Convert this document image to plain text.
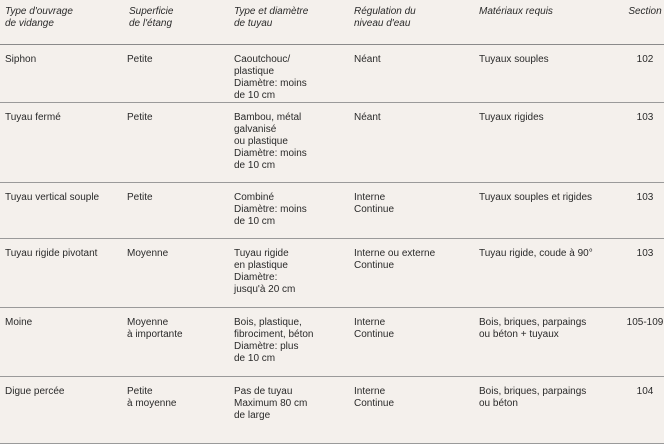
Type d'ouvrage
de vidange	Superficie
de l'étang	Type et diamètre
de tuyau	Régulation du
niveau d'eau	Matériaux requis	Section

Siphon	Petite	Caoutchouc/
plastique
Diamètre: moins
de 10 cm	Néant	Tuyaux souples	102

Tuyau fermé	Petite	Bambou, métal
galvanisé
ou plastique
Diamètre: moins
de 10 cm	Néant	Tuyaux rigides	103

Tuyau vertical souple	Petite	Combiné
Diamètre: moins
de 10 cm	Interne
Continue	Tuyaux souples et rigides	103

Tuyau rigide pivotant	Moyenne	Tuyau rigide
en plastique
Diamètre:
jusqu'à 20 cm	Interne ou externe
Continue	Tuyau rigide, coude à 90°	103

Moine	Moyenne
à importante	Bois, plastique,
fibrociment, béton
Diamètre: plus
de 10 cm	Interne
Continue	Bois, briques, parpaings
ou béton + tuyaux	105-109

Digue percée	Petite
à moyenne	Pas de tuyau
Maximum 80 cm
de large	Interne
Continue	Bois, briques, parpaings
ou béton	104
